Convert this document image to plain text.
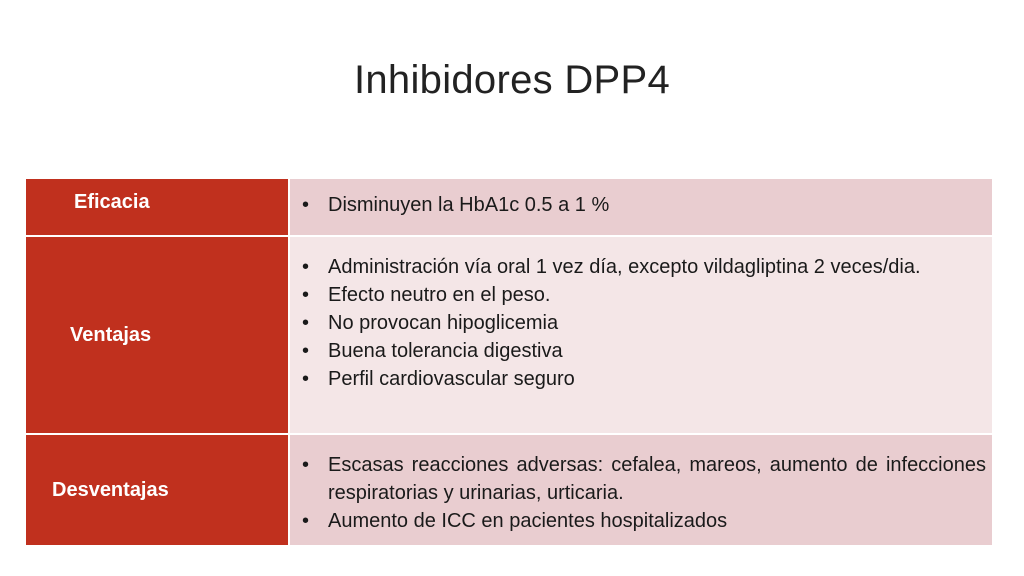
Inhibidores DPP4
Eficacia
•	Disminuyen la HbA1c 0.5 a 1 %
Ventajas
• Administración vía oral 1 vez día, excepto vildagliptina 2 veces/dia.
• Efecto neutro en el peso.
• No provocan hipoglicemia
• Buena tolerancia digestiva
• Perfil cardiovascular seguro
Desventajas
• Escasas reacciones adversas: cefalea, mareos, aumento de infecciones respiratorias y urinarias, urticaria.
• Aumento de ICC en pacientes hospitalizados
